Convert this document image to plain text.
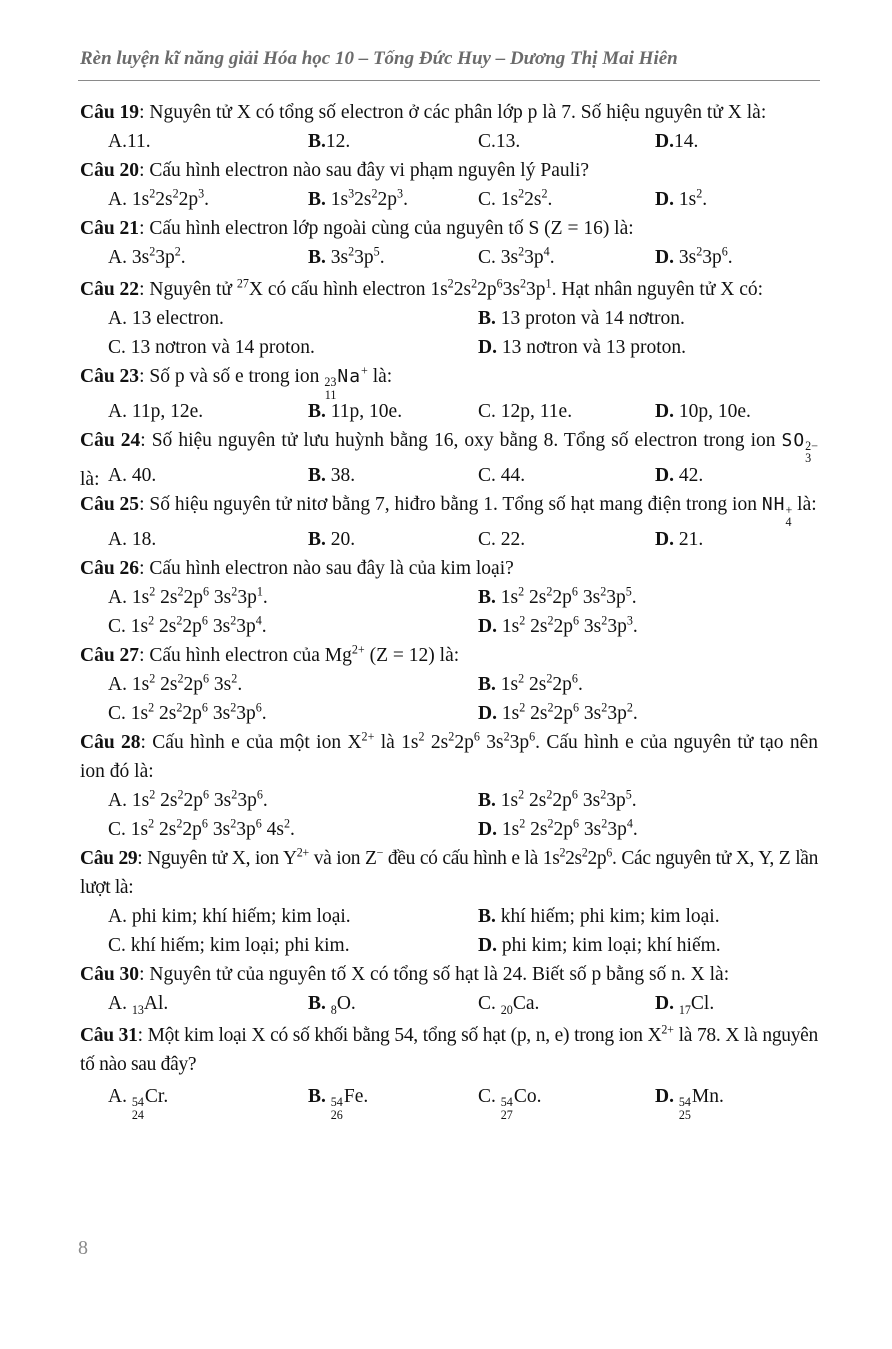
Rèn luyện kĩ năng giải Hóa học 10 – Tống Đức Huy – Dương Thị Mai Hiên

Câu 19: Nguyên tử X có tổng số electron ở các phân lớp p là 7. Số hiệu nguyên tử X là:

A.11.	B.12.	C.13.	D.14.

Câu 20: Cấu hình electron nào sau đây vi phạm nguyên lý Pauli?

A. $1s^22s^22p^3$.	B. $1s^32s^22p^3$.	C. $1s^22s^2$.	D. $1s^2$.

Câu 21: Cấu hình electron lớp ngoài cùng của nguyên tố S (Z = 16) là:

A. $3s^23p^2$.	B. $3s^23p^5$.	C. $3s^23p^4$.	D. $3s^23p^6$.

Câu 22: Nguyên tử $^{27}$X có cấu hình electron $1s^22s^22p^63s^23p^1$. Hạt nhân nguyên tử X có:

A. 13 electron.	B. 13 proton và 14 nơtron.
C. 13 nơtron và 14 proton.	D. 13 nơtron và 13 proton.

Câu 23: Số p và số e trong ion 23
11
Na+ là:

A. 11p, 12e.	B. 11p, 10e.	C. 12p, 11e.	D. 10p, 10e.

Câu 24: Số hiệu nguyên tử lưu huỳnh bằng 16, oxy bằng 8. Tổng số electron trong ion SO 2−
3
là: A. 40.	B. 38.	C. 44.	D. 42.

Câu 25: Số hiệu nguyên tử nitơ bằng 7, hiđro bằng 1. Tổng số hạt mang điện trong ion NH +
4
là:

A. 18.	B. 20.	C. 22.	D. 21.

Câu 26: Cấu hình electron nào sau đây là của kim loại?

A. $1s^2$ $2s^22p^6$ $3s^23p^1$.	B. $1s^2$ $2s^22p^6$ $3s^23p^5$.
C. $1s^2$ $2s^22p^6$ $3s^23p^4$.	D. $1s^2$ $2s^22p^6$ $3s^23p^3$.

Câu 27: Cấu hình electron của $Mg^{2+}$ (Z = 12) là:

A. $1s^2$ $2s^22p^6$ $3s^2$.	B. $1s^2$ $2s^22p^6$.
C. $1s^2$ $2s^22p^6$ $3s^23p^6$.	D. $1s^2$ $2s^22p^6$ $3s^23p^2$.

Câu 28: Cấu hình e của một ion $X^{2+}$ là $1s^2$ $2s^22p^6$ $3s^23p^6$. Cấu hình e của nguyên tử tạo nên ion đó là:

A. $1s^2$ $2s^22p^6$ $3s^23p^6$.	B. $1s^2$ $2s^22p^6$ $3s^23p^5$.
C. $1s^2$ $2s^22p^6$ $3s^23p^6$ $4s^2$.	D. $1s^2$ $2s^22p^6$ $3s^23p^4$.

Câu 29: Nguyên tử X, ion $Y^{2+}$ và ion Z− đều có cấu hình e là $1s^22s^22p^6$. Các nguyên tử X, Y, Z lần lượt là:

A. phi kim; khí hiếm; kim loại.	B. khí hiếm; phi kim; kim loại.
C. khí hiếm; kim loại; phi kim.	D. phi kim; kim loại; khí hiếm.

Câu 30: Nguyên tử của nguyên tố X có tổng số hạt là 24. Biết số p bằng số n. X là:

A. $_{13}$Al.	B. $_8$O.	C. $_{20}$Ca.	D. $_{17}$Cl.

Câu 31: Một kim loại X có số khối bằng 54, tổng số hạt (p, n, e) trong ion $X^{2+}$ là 78. X là nguyên tố nào sau đây?

A. 54
24
Cr.	B. 54
26
Fe.	C. 54
27
Co.	D. 54
25
Mn.
8
